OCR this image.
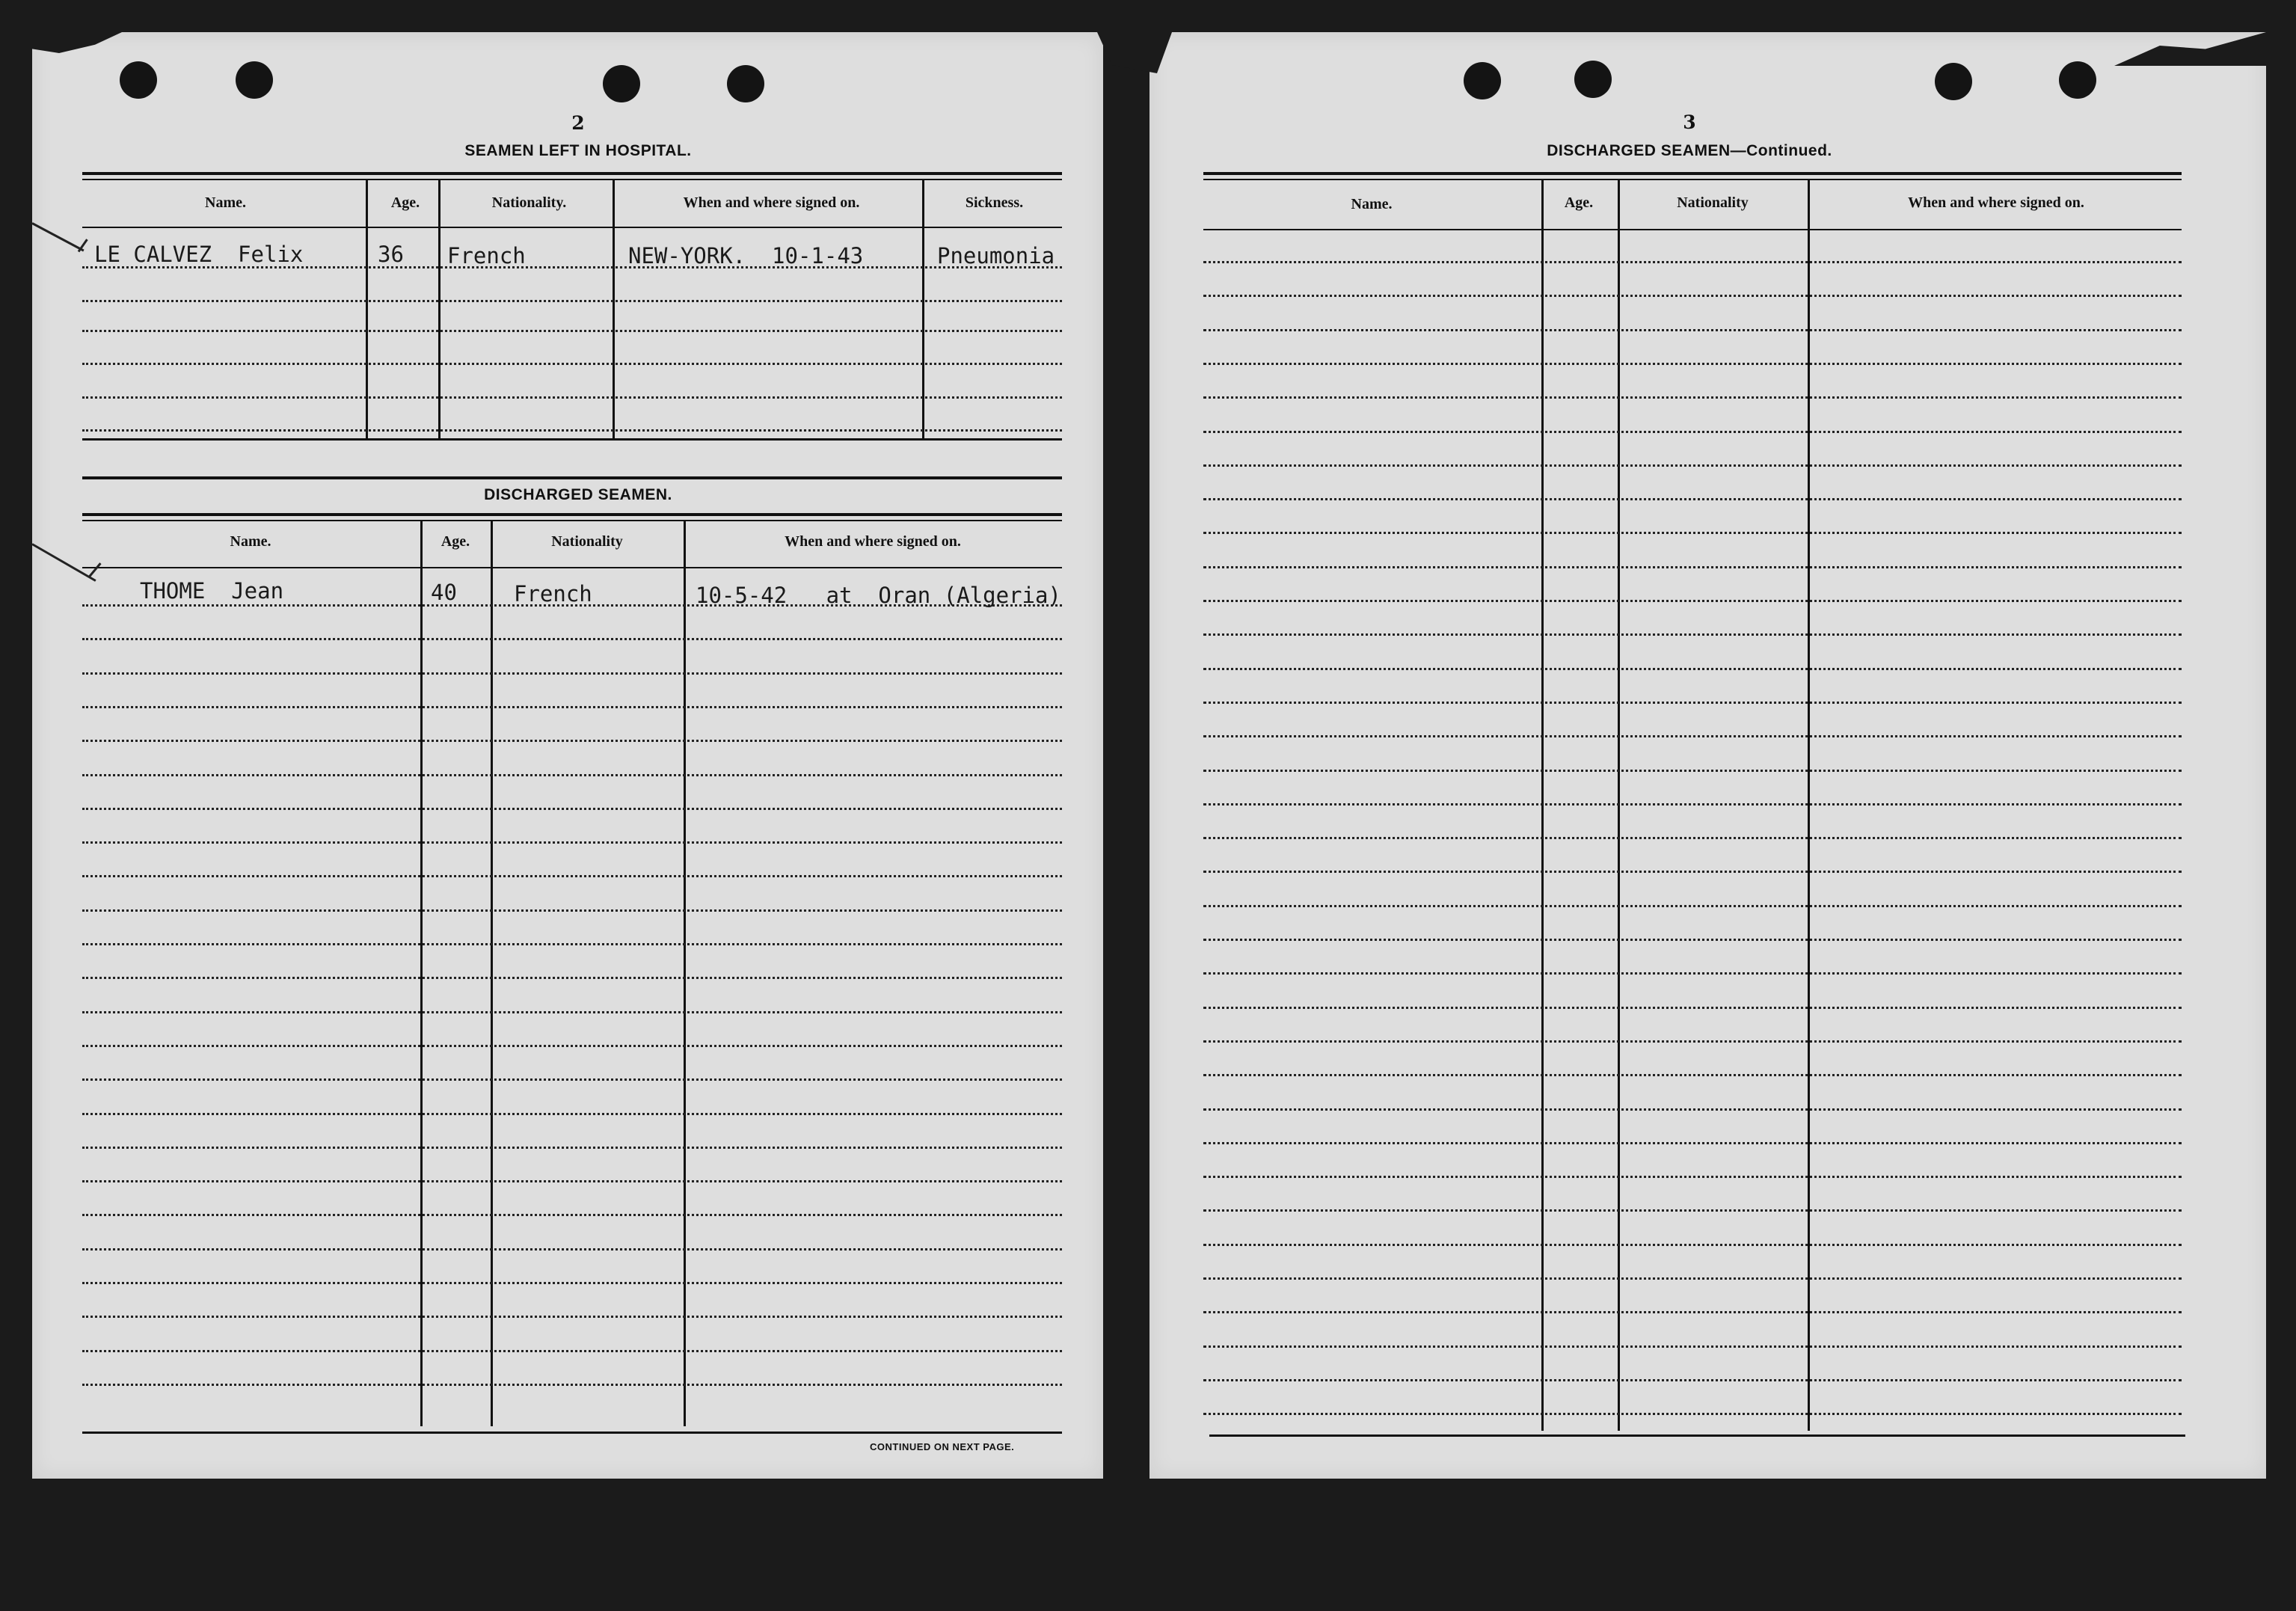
2
SEAMEN LEFT IN HOSPITAL.
Name.	Age.	Nationality.	When and where signed on.	Sickness.
LE CALVEZ  Felix	36 French	NEW-YORK.  10-1-43	Pneumonia
DISCHARGED SEAMEN.
Name.	Age.	Nationality	When and where signed on.
THOME  Jean	40	French	10-5-42   at  Oran (Algeria)
CONTINUED ON NEXT PAGE.
3
DISCHARGED SEAMEN—Continued.
Name.	Age.	Nationality	When and where signed on.
